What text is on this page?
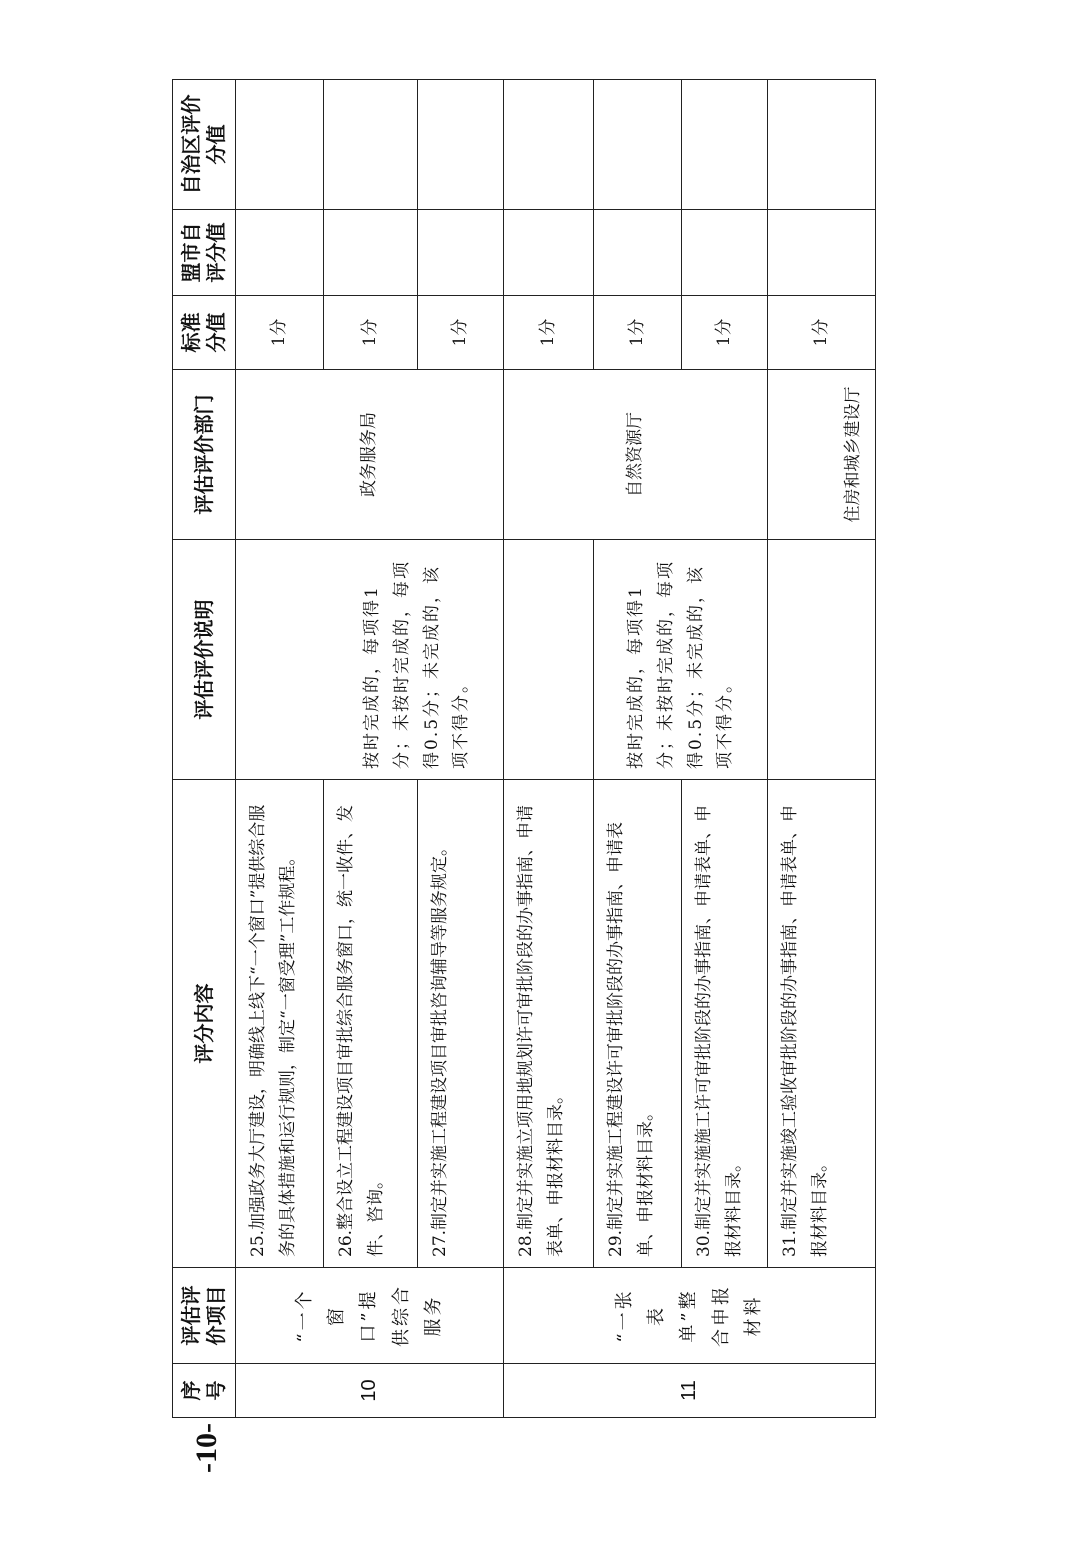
-10-
序号	评估评价项目	评分内容	评估评价说明	评估评价部门	标准分值	盟市自评分值	自治区评价分值
10	“一个窗口”提供综合服务	25.加强政务大厅建设，明确线上线下“一个窗口”提供综合服务的具体措施和运行规则，制定“一窗受理”工作规程。	按时完成的，每项得1分；未按时完成的，每项得0.5分；未完成的，该项不得分。	政务服务局	1分		
		26.整合设立工程建设项目审批综合服务窗口，统一收件、发件、咨询。			1分		
		27.制定并实施工程建设项目审批咨询辅导等服务规定。			1分		
11	“一张表单”整合申报材料	28.制定并实施立项用地规划许可审批阶段的办事指南、申请表单、申报材料目录。		自然资源厅	1分		
		29.制定并实施工程建设许可审批阶段的办事指南、申请表单、申报材料目录。	按时完成的，每项得1分；未按时完成的，每项得0.5分；未完成的，该项不得分。		1分		
		30.制定并实施施工许可审批阶段的办事指南、申请表单、申报材料目录。			1分		
		31.制定并实施竣工验收审批阶段的办事指南、申请表单、申报材料目录。		住房和城乡建设厅	1分		
